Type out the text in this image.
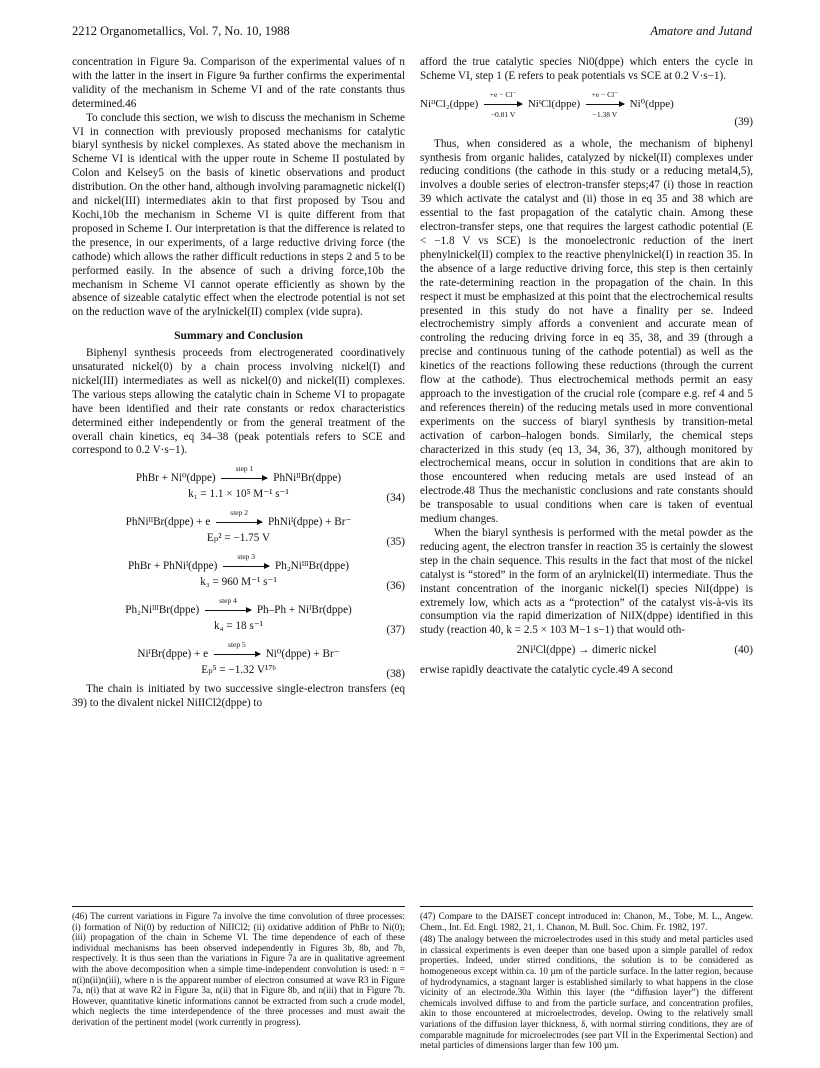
2212 Organometallics, Vol. 7, No. 10, 1988	Amatore and Jutand

concentration in Figure 9a. Comparison of the experimental values of n with the latter in the insert in Figure 9a further confirms the experimental validity of the mechanism in Scheme VI and of the rate constants thus determined.46

To conclude this section, we wish to discuss the mechanism in Scheme VI in connection with previously proposed mechanisms for catalytic biaryl synthesis by nickel complexes. As stated above the mechanism in Scheme VI is identical with the upper route in Scheme II postulated by Colon and Kelsey5 on the basis of kinetic observations and product distribution. On the other hand, although involving paramagnetic nickel(I) and nickel(III) intermediates akin to that first proposed by Tsou and Kochi,10b the mechanism in Scheme VI is quite different from that proposed in Scheme I. Our interpretation is that the difference is related to the presence, in our experiments, of a large reductive driving force (the cathode) which allows the rather difficult reductions in steps 2 and 5 to be performed easily. In the absence of such a driving force,10b the mechanism in Scheme VI cannot operate efficiently as shown by the absence of sizeable catalytic effect when the electrode potential is not set on the reduction wave of the arylnickel(II) complex (vide supra).

Summary and Conclusion

Biphenyl synthesis proceeds from electrogenerated coordinatively unsaturated nickel(0) by a chain process involving nickel(I) and nickel(III) intermediates as well as nickel(0) and nickel(II) complexes. The various steps allowing the catalytic chain in Scheme VI to propagate have been identified and their rate constants or redox characteristics determined either independently or from the general treatment of the overall chain kinetics, eq 34–38 (peak potentials refers to SCE and correspond to 0.2 V·s−1).

PhBr + Ni⁰(dppe)
step 1
PhNiᴵᴵBr(dppe)
k₁ = 1.1 × 10⁵ M⁻¹ s⁻¹	(34)
PhNiᴵᴵBr(dppe) + e
step 2
PhNiᴵ(dppe) + Br⁻
Eₚ² = −1.75 V	(35)
PhBr + PhNiᴵ(dppe)
step 3
Ph₂NiᴵᴵᴵBr(dppe)
k₃ = 960 M⁻¹ s⁻¹	(36)
Ph₂NiᴵᴵᴵBr(dppe)
step 4
Ph–Ph + NiᴵBr(dppe)
k₄ = 18 s⁻¹	(37)
NiᴵBr(dppe) + e
step 5
Ni⁰(dppe) + Br⁻
Eₚ⁵ = −1.32 V¹⁷ᵇ	(38)

The chain is initiated by two successive single-electron transfers (eq 39) to the divalent nickel NiIICl2(dppe) to

(46) The current variations in Figure 7a involve the time convolution of three processes: (i) formation of Ni(0) by reduction of NiIICl2; (ii) oxidative addition of PhBr to Ni(0); (iii) propagation of the chain in Scheme VI. The time dependence of each of these individual mechanisms has been observed independently in Figures 3b, 8b, and 7b, respectively. It is thus seen than the variations in Figure 7a are in qualitative agreement with the above decomposition when a simple time-independent convolution is used: n = n(i)n(ii)n(iii), where n is the apparent number of electron consumed at wave R3 in Figure 7a, n(i) that at wave R2 in Figure 3a, n(ii) that in Figure 8b, and n(iii) that in Figure 7b. However, quantitative kinetic informations cannot be extracted from such a crude model, which neglects the time interdependence of the three processes and must await the derivation of the pertinent model (work currently in progress).

afford the true catalytic species Ni0(dppe) which enters the cycle in Scheme VI, step 1 (E refers to peak potentials vs SCE at 0.2 V·s−1).

NiᴵᴵCl₂(dppe) $\frac{+e - Cl^-}{-0.81 V}$ NiᴵCl(dppe) $\frac{+e - Cl^-}{-1.38 V}$ Ni⁰(dppe)
(39)

Thus, when considered as a whole, the mechanism of biphenyl synthesis from organic halides, catalyzed by nickel(II) complexes under reducing conditions (the cathode in this study or a reducing metal4,5), involves a double series of electron-transfer steps;47 (i) those in reaction 39 which activate the catalyst and (ii) those in eq 35 and 38 which are essential to the fast propagation of the catalytic chain. Among these electron-transfer steps, one that requires the largest cathodic potential (E < −1.8 V vs SCE) is the monoelectronic reduction of the inert phenylnickel(II) complex to the reactive phenylnickel(I) in reaction 35. In the absence of a large reductive driving force, this step is then certainly the rate-determining reaction in the propagation of the chain. In this respect it must be emphasized at this point that the electrochemical results presented in this study do not have a finality per se. Indeed electrochemistry simply affords a convenient and accurate mean of controling the reducing driving force in eq 35, 38, and 39 (through a precise and continuous tuning of the cathode potential) as well as the kinetics of the reactions following these reductions (through the current flow at the cathode). Thus electrochemical methods permit an easy approach to the investigation of the crucial role (compare e.g. ref 4 and 5 and references therein) of the reducing metals used in more conventional experiments on the success of biaryl synthesis by transition-metal activation of carbon–halogen bonds. Similarly, the chemical steps characterized in this study (eq 13, 34, 36, 37), although monitored by electrochemical means, occur in solution in conditions that are akin to those encountered when reducing metals are used instead of an electrode.48 Thus the mechanistic conclusions and rate constants should be transposable to usual conditions when care is taken of eventual medium changes.

When the biaryl synthesis is performed with the metal powder as the reducing agent, the electron transfer in reaction 35 is certainly the slowest step in the chain sequence. This results in the fact that most of the nickel catalyst is “stored” in the form of an arylnickel(II) intermediate. Thus the instant concentration of the inorganic nickel(I) species NiI(dppe) is extremely low, which acts as a “protection” of the catalyst vis-à-vis its consumption via the rapid dimerization of NiIX(dppe) identified in this study (reaction 40, k = 2.5 × 103 M−1 s−1) that would oth-

2NiᴵCl(dppe) → dimeric nickel	(40)

erwise rapidly deactivate the catalytic cycle.49 A second

(47) Compare to the DAISET concept introduced in: Chanon, M., Tobe, M. L., Angew. Chem., Int. Ed. Engl. 1982, 21, 1. Chanon, M. Bull. Soc. Chim. Fr. 1982, 197.

(48) The analogy between the microelectrodes used in this study and metal particles used in classical experiments is even deeper than one based upon a simple parallel of redox properties. Indeed, under stirred conditions, the solution is to be considered as homogeneous except within ca. 10 µm of the particle surface. In the latter region, because of hydrodynamics, a stagnant larger is established similarly to what happens in the close vicinity of an electrode.30a Within this layer (the “diffusion layer”) the different chemicals involved diffuse to and from the particle surface, and concentration profiles, akin to those encountered at microelectrodes, develop. Owing to the relatively small variations of the diffusion layer thickness, δ, with normal stirring conditions, they are of comparable magnitude for microelectrodes (see part VII in the Experimental Section) and metal particles of dimensions larger than few 100 µm.
